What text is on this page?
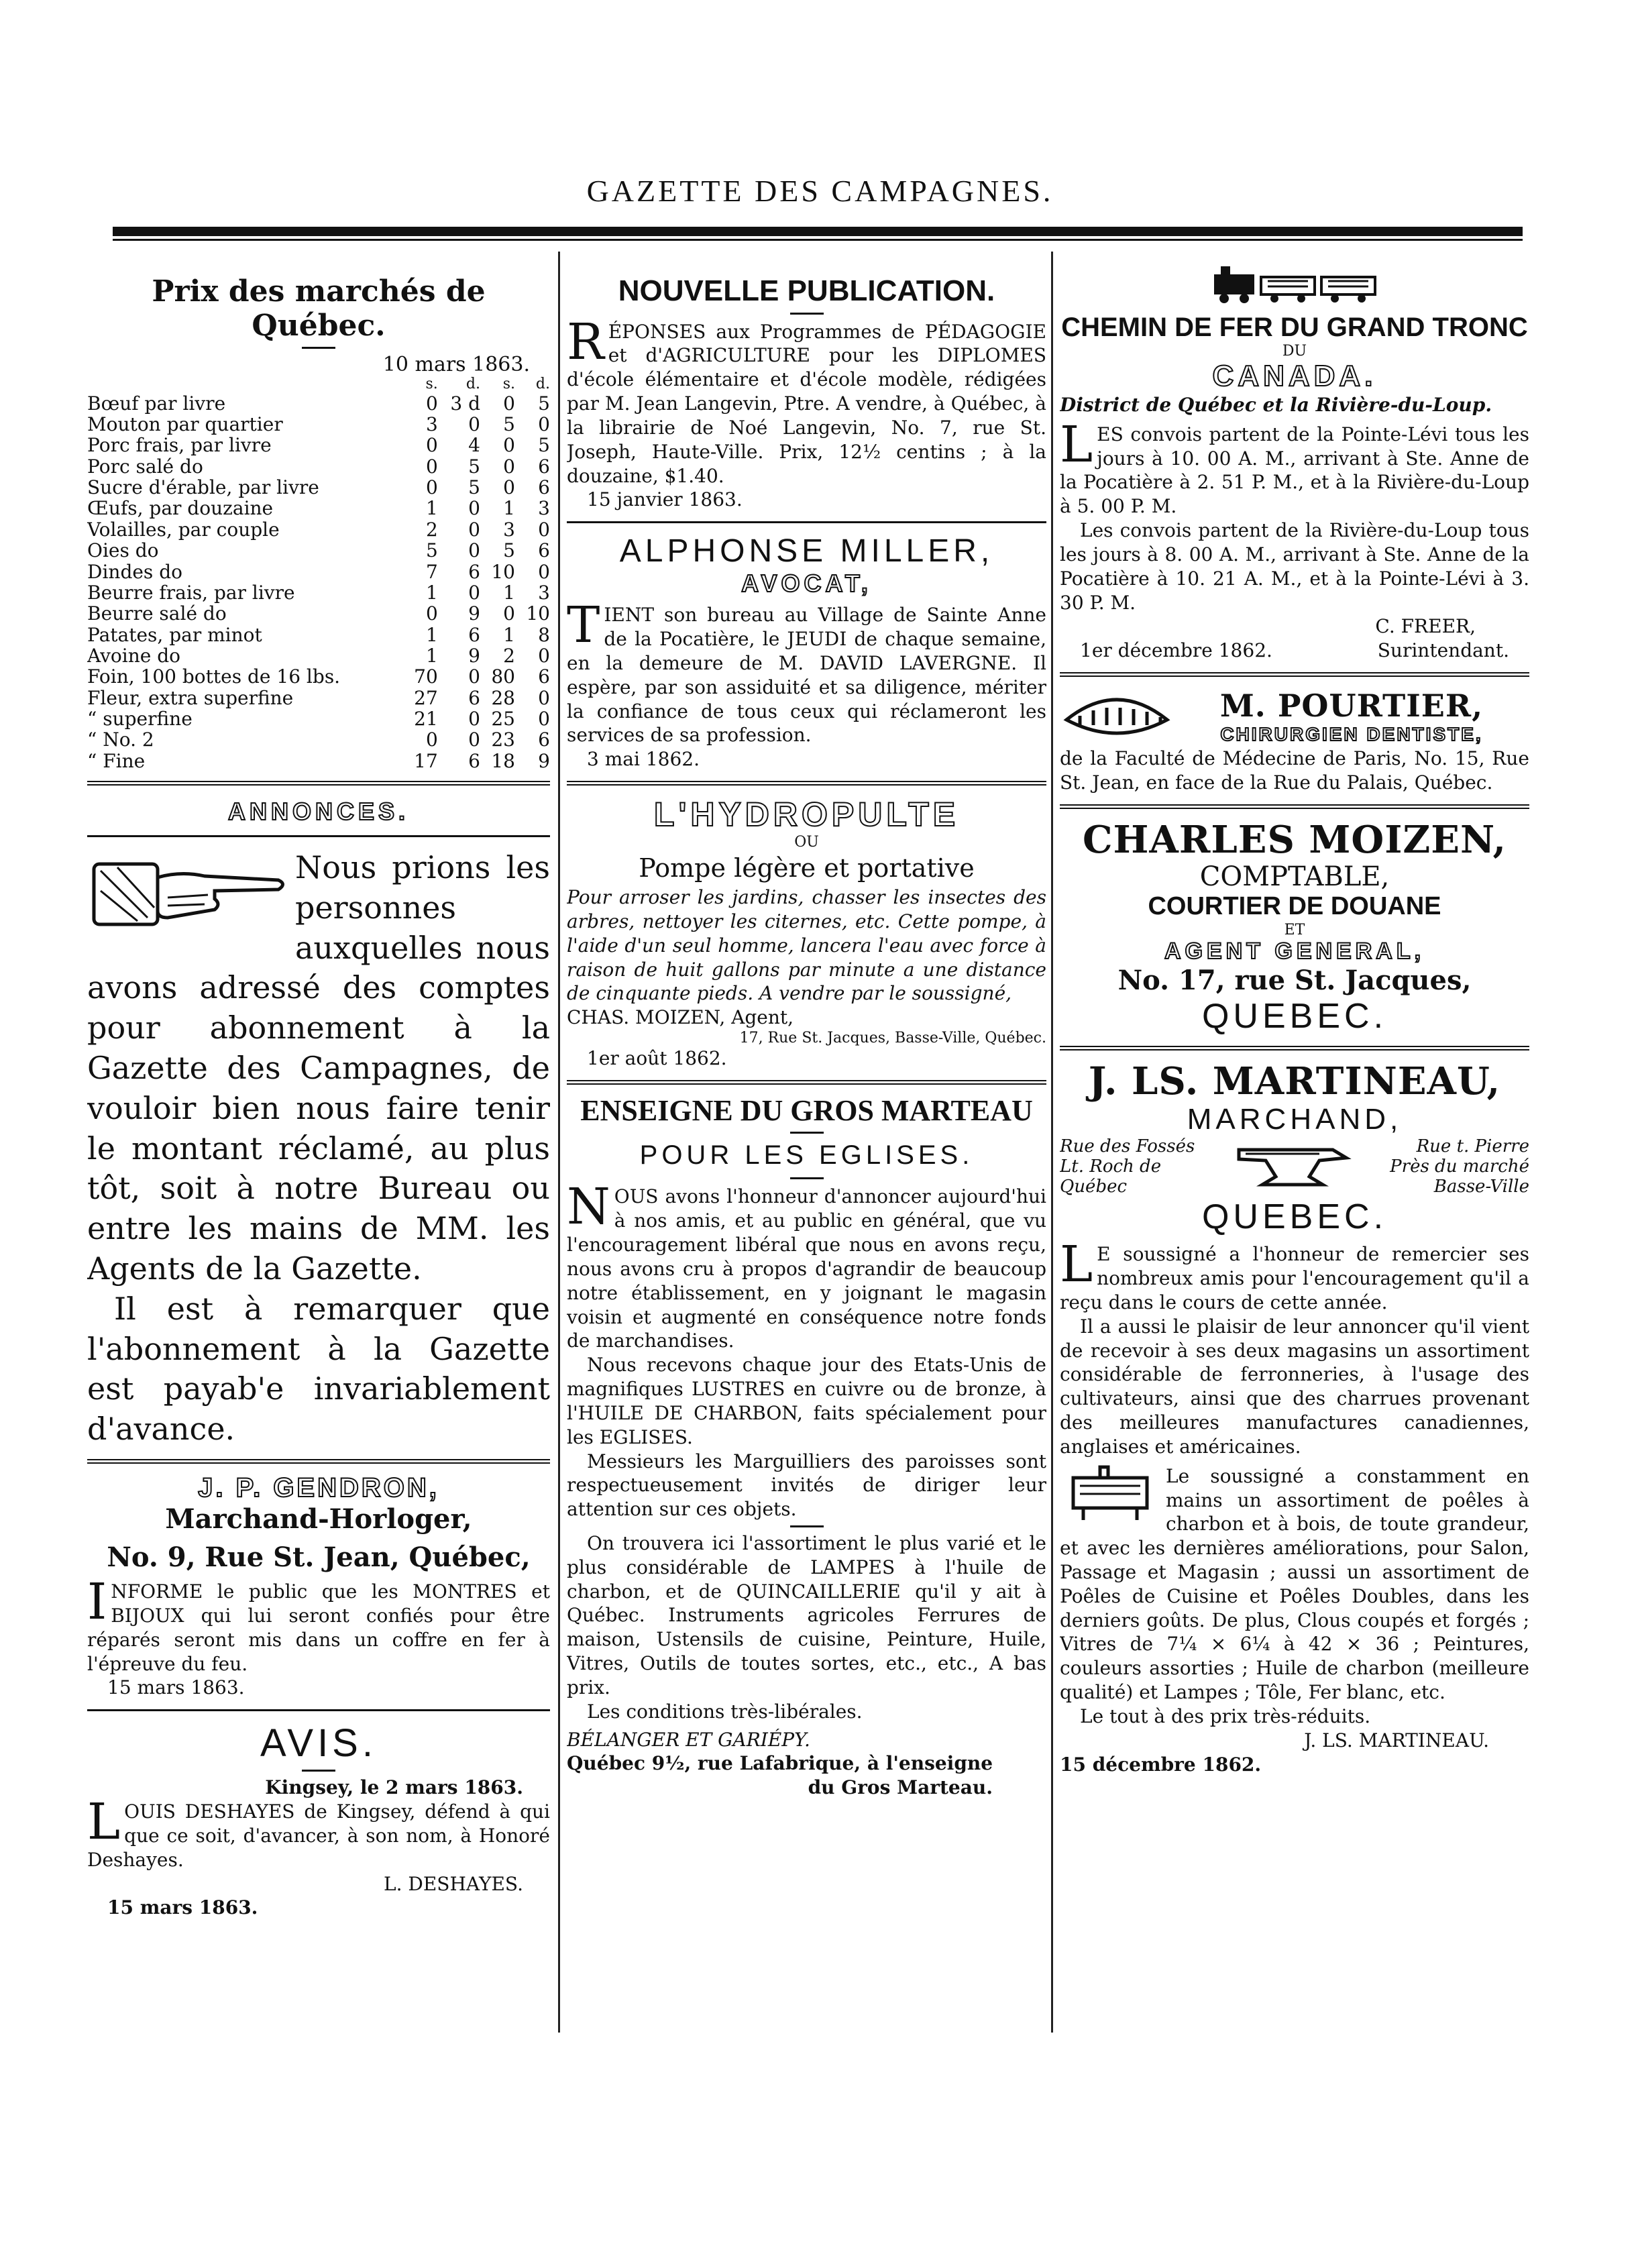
GAZETTE DES CAMPAGNES.
Prix des marchés de Québec.
10 mars 1863.
	s.	d.	s.	d.
Bœuf par livre	0	3 d	0	5
Mouton par quartier	3	0	5	0
Porc frais, par livre	0	4	0	5
Porc salé do	0	5	0	6
Sucre d'érable, par livre	0	5	0	6
Œufs, par douzaine	1	0	1	3
Volailles, par couple	2	0	3	0
Oies do	5	0	5	6
Dindes do	7	6	10	0
Beurre frais, par livre	1	0	1	3
Beurre salé do	0	9	0	10
Patates, par minot	1	6	1	8
Avoine do	1	9	2	0
Foin, 100 bottes de 16 lbs.	70	0	80	6
Fleur, extra superfine	27	6	28	0
“ superfine	21	0	25	0
“ No. 2	0	0	23	6
“ Fine	17	6	18	9
ANNONCES.
Nous prions les personnes auxquelles nous avons adressé des comptes pour abonnement à la Gazette des Campagnes, de vouloir bien nous faire tenir le montant réclamé, au plus tôt, soit à notre Bureau ou entre les mains de MM. les Agents de la Gazette.
Il est à remarquer que l'abonnement à la Gazette est payab'e invariablement d'avance.
J. P. GENDRON,
Marchand-Horloger,
No. 9, Rue St. Jean, Québec,
INFORME le public que les MONTRES et BIJOUX qui lui seront confiés pour être réparés seront mis dans un coffre en fer à l'épreuve du feu.
15 mars 1863.
AVIS.
Kingsey, le 2 mars 1863.
LOUIS DESHAYES de Kingsey, défend à qui que ce soit, d'avancer, à son nom, à Honoré Deshayes.
L. DESHAYES.
15 mars 1863.
NOUVELLE PUBLICATION.
RÉPONSES aux Programmes de PÉDAGOGIE et d'AGRICULTURE pour les DIPLOMES d'école élémentaire et d'école modèle, rédigées par M. Jean Langevin, Ptre. A vendre, à Québec, à la librairie de Noé Langevin, No. 7, rue St. Joseph, Haute-Ville. Prix, 12½ centins ; à la douzaine, $1.40.
15 janvier 1863.
ALPHONSE MILLER,
AVOCAT,
TIENT son bureau au Village de Sainte Anne de la Pocatière, le JEUDI de chaque semaine, en la demeure de M. DAVID LAVERGNE. Il espère, par son assiduité et sa diligence, mériter la confiance de tous ceux qui réclameront les services de sa profession.
3 mai 1862.
L'HYDROPULTE
OU
Pompe légère et portative
Pour arroser les jardins, chasser les insectes des arbres, nettoyer les citernes, etc. Cette pompe, à l'aide d'un seul homme, lancera l'eau avec force à raison de huit gallons par minute a une distance de cinquante pieds. A vendre par le soussigné,
CHAS. MOIZEN, Agent,
17, Rue St. Jacques, Basse-Ville, Québec.
1er août 1862.
ENSEIGNE DU GROS MARTEAU
POUR LES EGLISES.
NOUS avons l'honneur d'annoncer aujourd'hui à nos amis, et au public en général, que vu l'encouragement libéral que nous en avons reçu, nous avons cru à propos d'agrandir de beaucoup notre établissement, en y joignant le magasin voisin et augmenté en conséquence notre fonds de marchandises.
Nous recevons chaque jour des Etats-Unis de magnifiques LUSTRES en cuivre ou de bronze, à l'HUILE DE CHARBON, faits spécialement pour les EGLISES.
Messieurs les Marguilliers des paroisses sont respectueusement invités de diriger leur attention sur ces objets.
On trouvera ici l'assortiment le plus varié et le plus considérable de LAMPES à l'huile de charbon, et de QUINCAILLERIE qu'il y ait à Québec. Instruments agricoles Ferrures de maison, Ustensils de cuisine, Peinture, Huile, Vitres, Outils de toutes sortes, etc., etc., A bas prix.
Les conditions très-libérales.
BÉLANGER ET GARIÉPY.
Québec 9½, rue Lafabrique, à l'enseigne
du Gros Marteau.
CHEMIN DE FER DU GRAND TRONC
DU
CANADA.
District de Québec et la Rivière-du-Loup.
LES convois partent de la Pointe-Lévi tous les jours à 10. 00 A. M., arrivant à Ste. Anne de la Pocatière à 2. 51 P. M., et à la Rivière-du-Loup à 5. 00 P. M.
Les convois partent de la Rivière-du-Loup tous les jours à 8. 00 A. M., arrivant à Ste. Anne de la Pocatière à 10. 21 A. M., et à la Pointe-Lévi à 3. 30 P. M.
C. FREER,
1er décembre 1862.	Surintendant.
M. POURTIER,
CHIRURGIEN DENTISTE,
de la Faculté de Médecine de Paris, No. 15, Rue St. Jean, en face de la Rue du Palais, Québec.
CHARLES MOIZEN,
COMPTABLE,
COURTIER DE DOUANE
ET
AGENT GENERAL,
No. 17, rue St. Jacques,
QUEBEC.
J. LS. MARTINEAU,
MARCHAND,
Rue des Fossés
Lt. Roch de
Québec
Rue t. Pierre
Près du marché
Basse-Ville
QUEBEC.
LE soussigné a l'honneur de remercier ses nombreux amis pour l'encouragement qu'il a reçu dans le cours de cette année.
Il a aussi le plaisir de leur annoncer qu'il vient de recevoir à ses deux magasins un assortiment considérable de ferronneries, à l'usage des cultivateurs, ainsi que des charrues provenant des meilleures manufactures canadiennes, anglaises et américaines.
Le soussigné a constamment en mains un assortiment de poêles à charbon et à bois, de toute grandeur, et avec les dernières améliorations, pour Salon, Passage et Magasin ; aussi un assortiment de Poêles de Cuisine et Poêles Doubles, dans les derniers goûts. De plus, Clous coupés et forgés ; Vitres de 7¼ × 6¼ à 42 × 36 ; Peintures, couleurs assorties ; Huile de charbon (meilleure qualité) et Lampes ; Tôle, Fer blanc, etc.
Le tout à des prix très-réduits.
J. LS. MARTINEAU.
15 décembre 1862.
